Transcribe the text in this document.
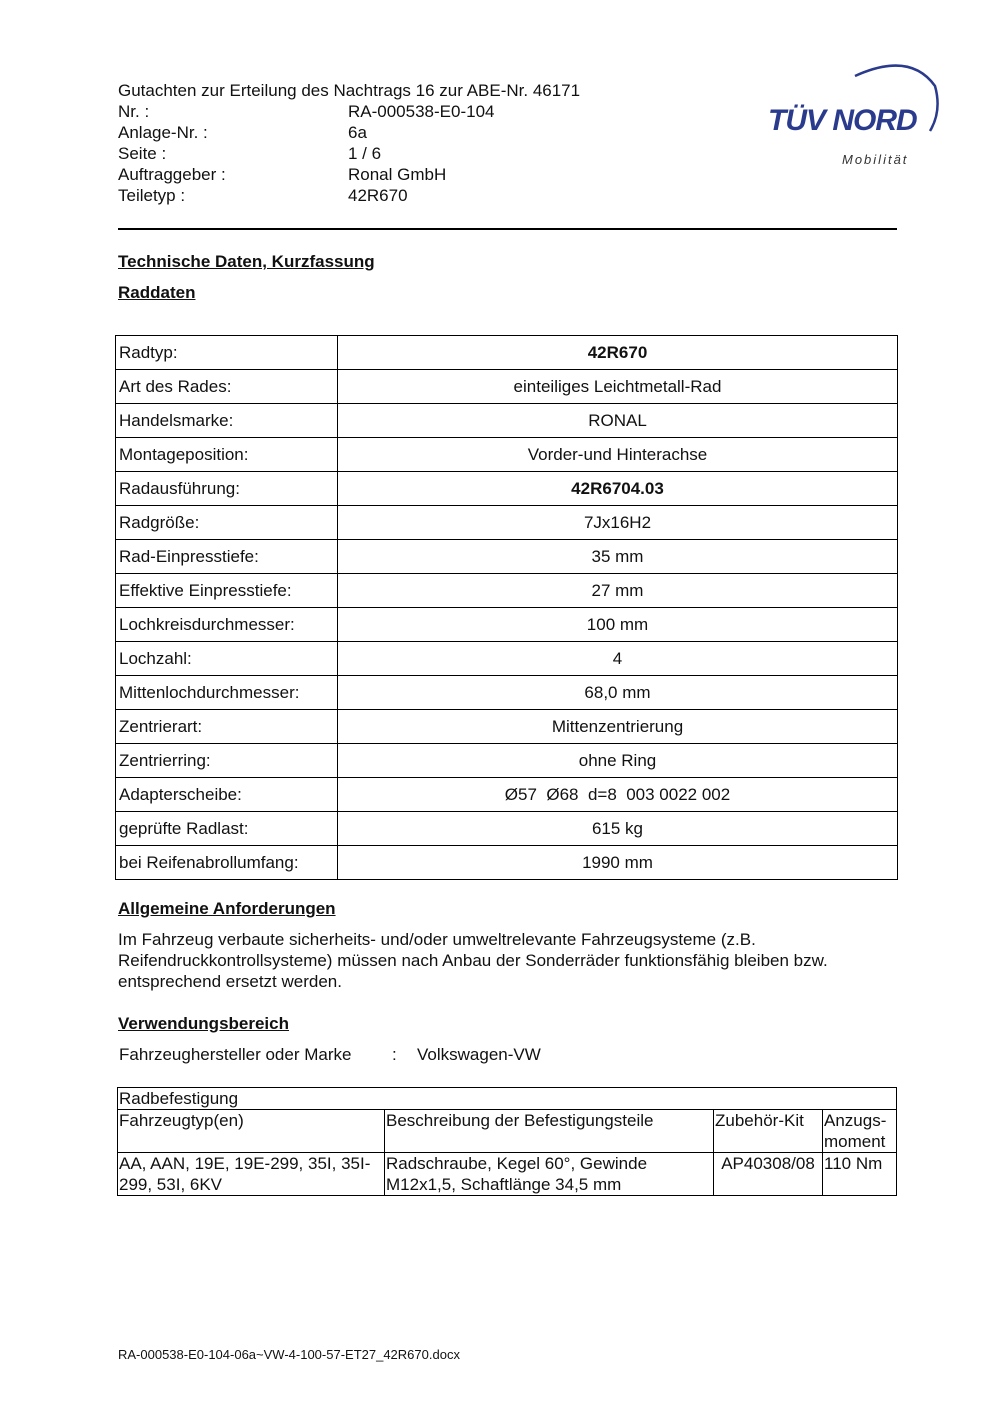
Gutachten zur Erteilung des Nachtrags 16 zur ABE-Nr. 46171
Nr. :	RA-000538-E0-104
Anlage-Nr. :	6a
Seite :	1 / 6
Auftraggeber :	Ronal GmbH
Teiletyp :	42R670
TÜV NORD
Mobilität
Technische Daten, Kurzfassung
Raddaten
Radtyp:	42R670
Art des Rades:	einteiliges Leichtmetall-Rad
Handelsmarke:	RONAL
Montageposition:	Vorder-und Hinterachse
Radausführung:	42R6704.03
Radgröße:	7Jx16H2
Rad-Einpresstiefe:	35 mm
Effektive Einpresstiefe:	27 mm
Lochkreisdurchmesser:	100 mm
Lochzahl:	4
Mittenlochdurchmesser:	68,0 mm
Zentrierart:	Mittenzentrierung
Zentrierring:	ohne Ring
Adapterscheibe:	Ø57  Ø68  d=8  003 0022 002
geprüfte Radlast:	615 kg
bei Reifenabrollumfang:	1990 mm
Allgemeine Anforderungen
Im Fahrzeug verbaute sicherheits- und/oder umweltrelevante Fahrzeugsysteme (z.B. Reifendruckkontrollsysteme) müssen nach Anbau der Sonderräder funktionsfähig bleiben bzw. entsprechend ersetzt werden.
Verwendungsbereich
Fahrzeughersteller oder Marke : Volkswagen-VW
Radbefestigung			
Fahrzeugtyp(en)	Beschreibung der Befestigungsteile	Zubehör-Kit	Anzugs- moment
AA, AAN, 19E, 19E-299, 35I, 35I-299, 53I, 6KV	Radschraube, Kegel 60°, Gewinde M12x1,5, Schaftlänge 34,5 mm	AP40308/08	110 Nm
RA-000538-E0-104-06a~VW-4-100-57-ET27_42R670.docx
